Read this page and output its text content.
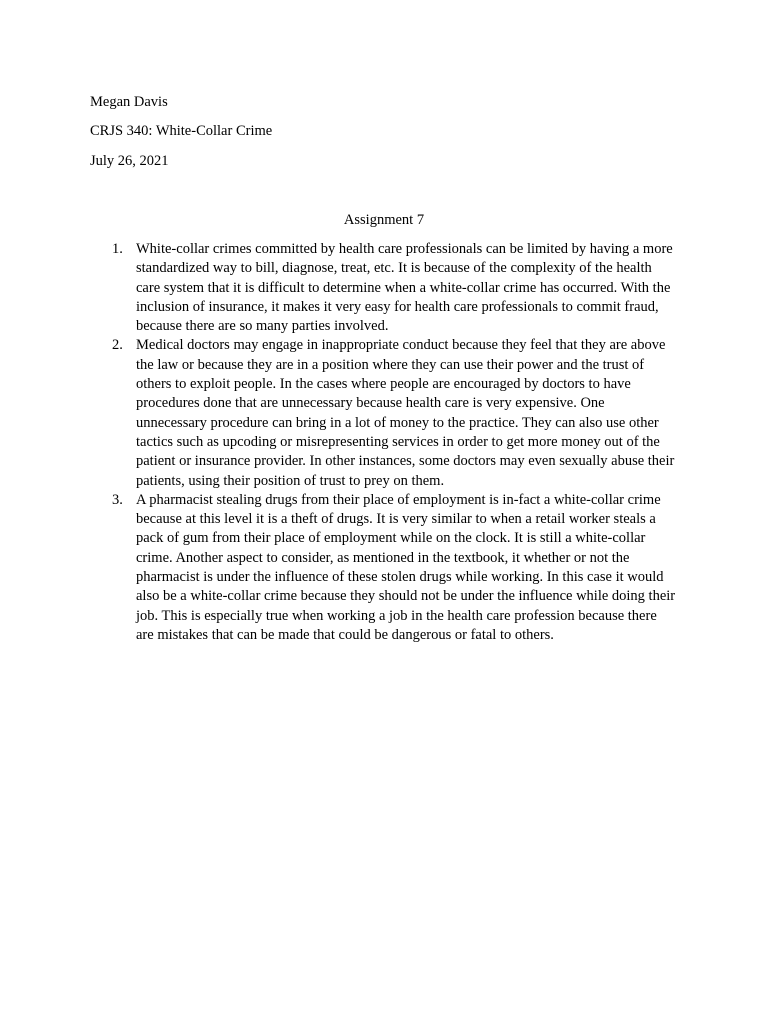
Megan Davis

CRJS 340: White-Collar Crime

July 26, 2021

Assignment 7

1. White-collar crimes committed by health care professionals can be limited by having a more standardized way to bill, diagnose, treat, etc. It is because of the complexity of the health care system that it is difficult to determine when a white-collar crime has occurred. With the inclusion of insurance, it makes it very easy for health care professionals to commit fraud, because there are so many parties involved.
2. Medical doctors may engage in inappropriate conduct because they feel that they are above the law or because they are in a position where they can use their power and the trust of others to exploit people. In the cases where people are encouraged by doctors to have procedures done that are unnecessary because health care is very expensive. One unnecessary procedure can bring in a lot of money to the practice. They can also use other tactics such as upcoding or misrepresenting services in order to get more money out of the patient or insurance provider. In other instances, some doctors may even sexually abuse their patients, using their position of trust to prey on them.
3. A pharmacist stealing drugs from their place of employment is in-fact a white-collar crime because at this level it is a theft of drugs. It is very similar to when a retail worker steals a pack of gum from their place of employment while on the clock. It is still a white-collar crime. Another aspect to consider, as mentioned in the textbook, it whether or not the pharmacist is under the influence of these stolen drugs while working. In this case it would also be a white-collar crime because they should not be under the influence while doing their job. This is especially true when working a job in the health care profession because there are mistakes that can be made that could be dangerous or fatal to others.
